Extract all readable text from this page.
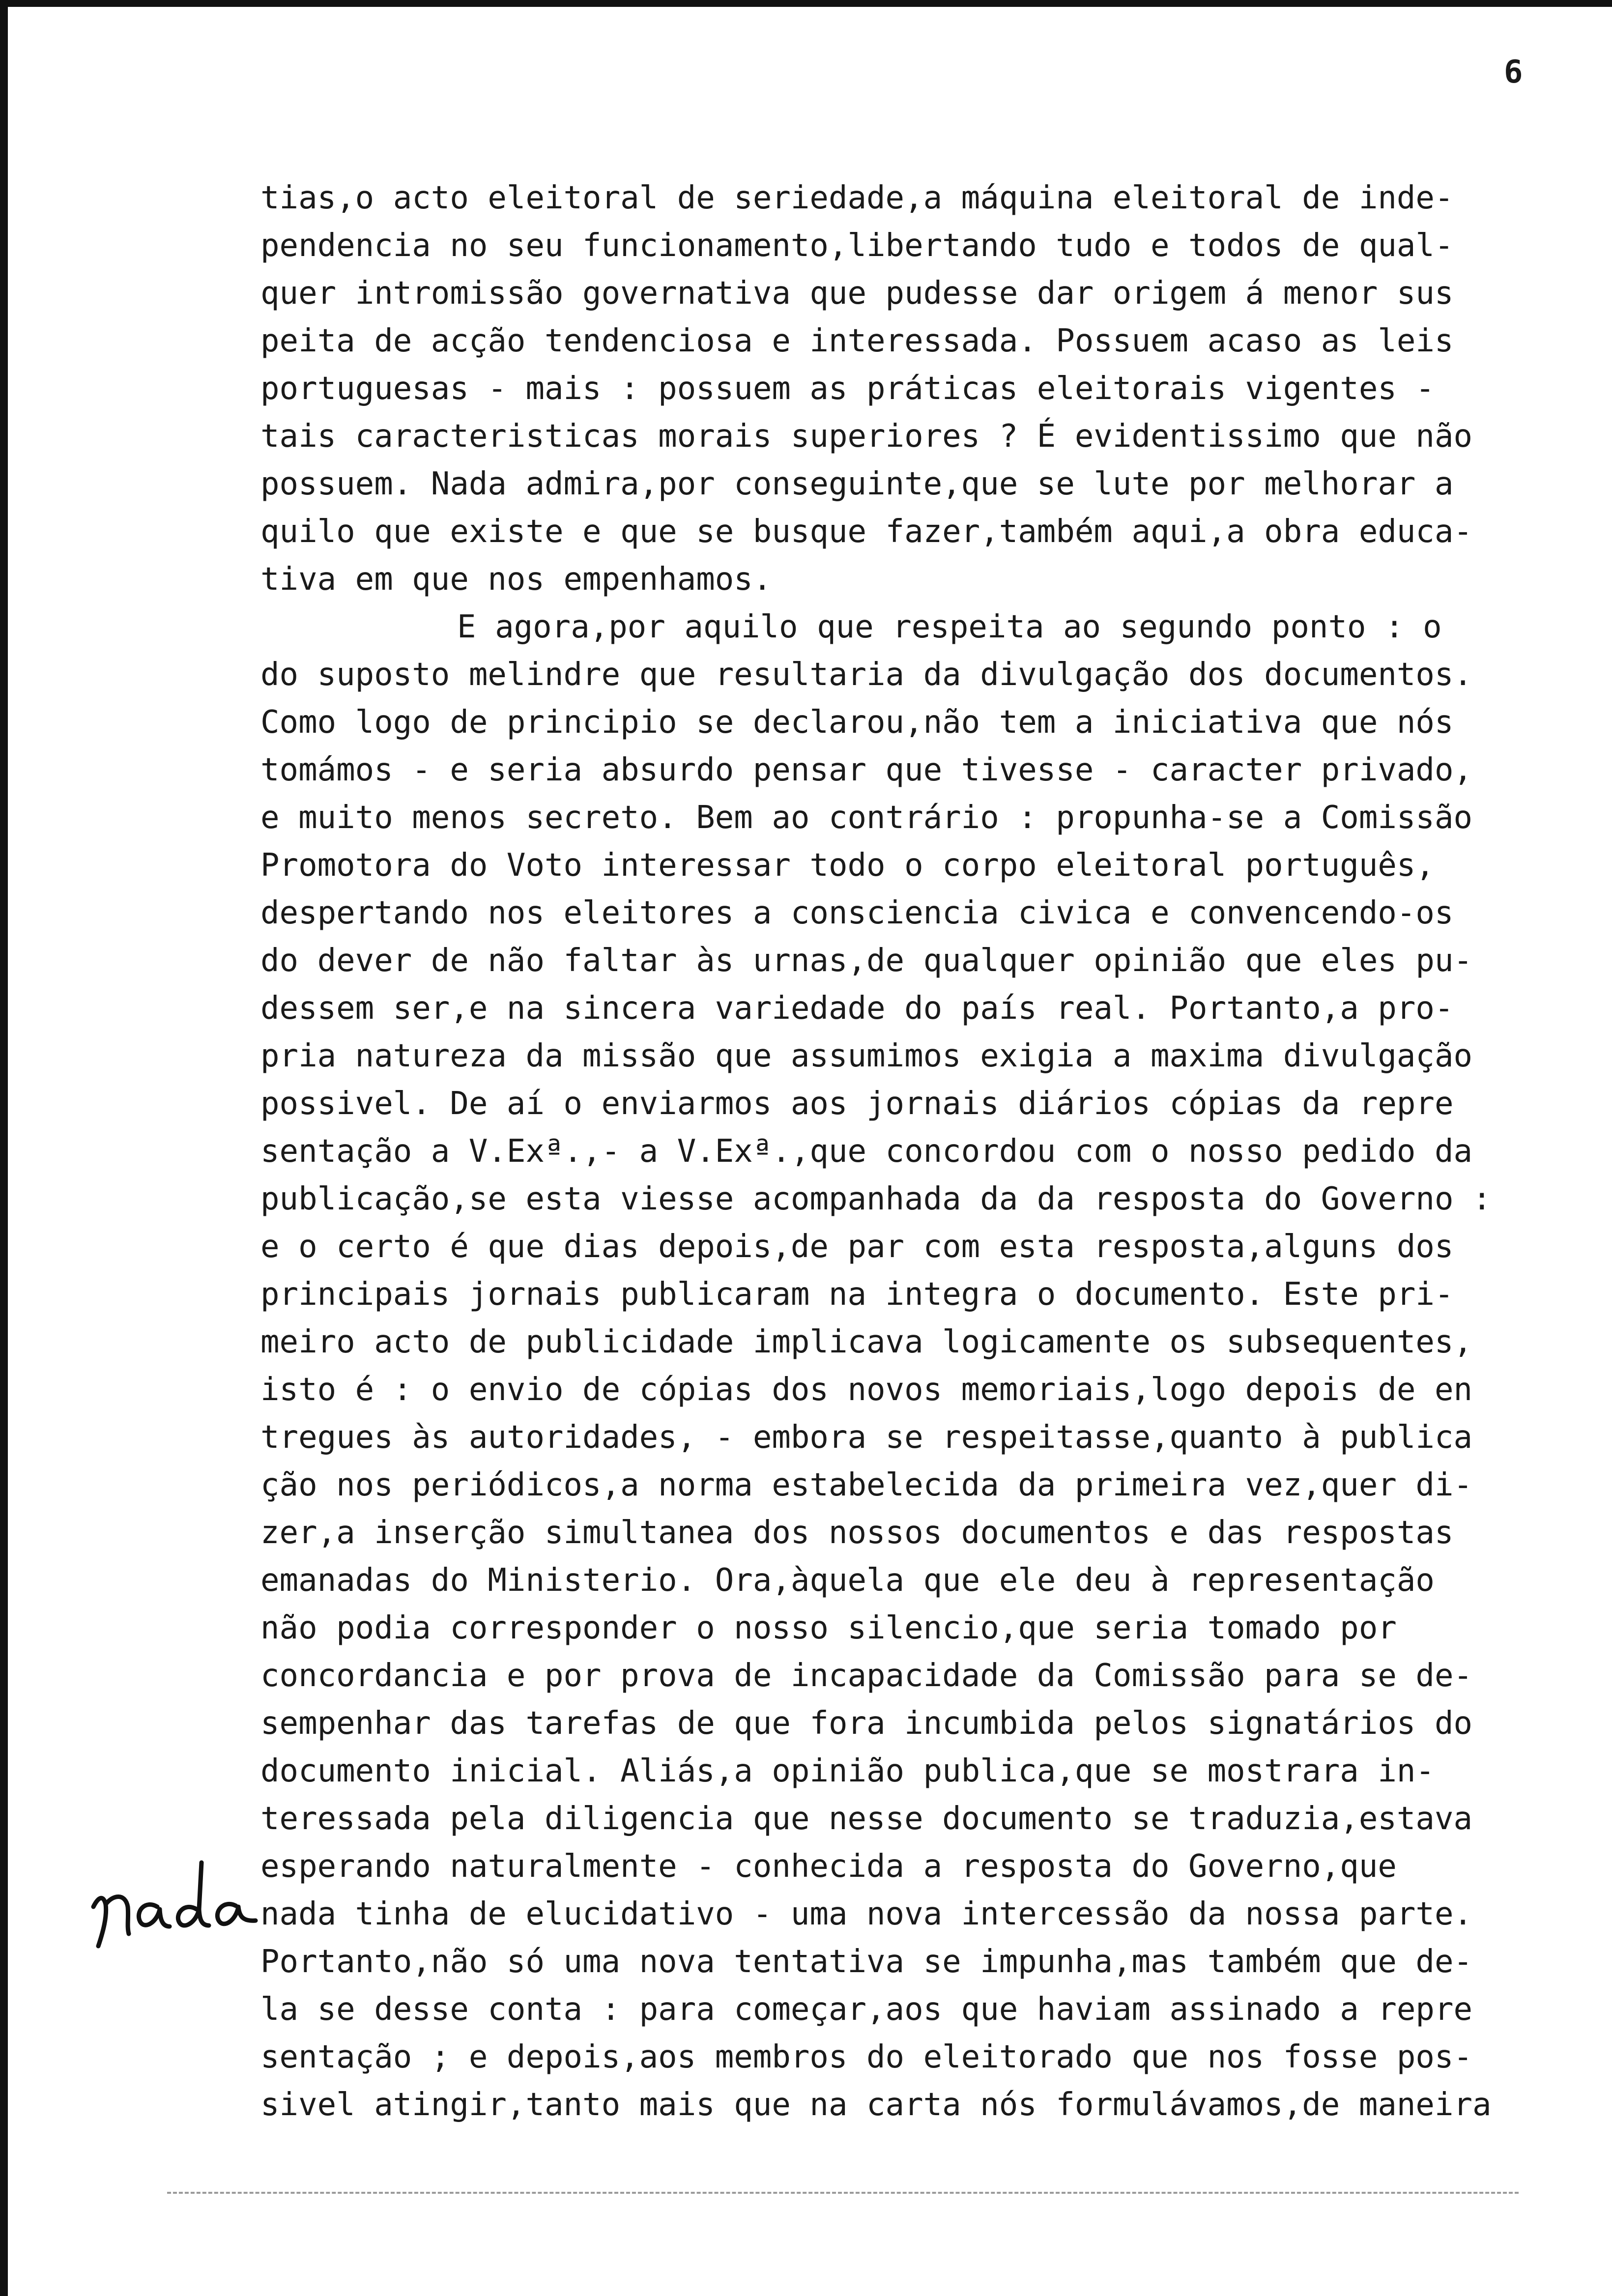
6
tias,o acto eleitoral de seriedade,a máquina eleitoral de inde-
pendencia no seu funcionamento,libertando tudo e todos de qual-
quer intromissão governativa que pudesse dar origem á menor sus
peita de acção tendenciosa e interessada. Possuem acaso as leis
portuguesas - mais : possuem as práticas eleitorais vigentes -
tais caracteristicas morais superiores ? É evidentissimo que não
possuem. Nada admira,por conseguinte,que se lute por melhorar a
quilo que existe e que se busque fazer,também aqui,a obra educa-
tiva em que nos empenhamos.
E agora,por aquilo que respeita ao segundo ponto : o
do suposto melindre que resultaria da divulgação dos documentos.
Como logo de principio se declarou,não tem a iniciativa que nós
tomámos - e seria absurdo pensar que tivesse - caracter privado,
e muito menos secreto. Bem ao contrário : propunha-se a Comissão
Promotora do Voto interessar todo o corpo eleitoral português,
despertando nos eleitores a consciencia civica e convencendo-os
do dever de não faltar às urnas,de qualquer opinião que eles pu-
dessem ser,e na sincera variedade do país real. Portanto,a pro-
pria natureza da missão que assumimos exigia a maxima divulgação
possivel. De aí o enviarmos aos jornais diários cópias da repre
sentação a V.Exª.,- a V.Exª.,que concordou com o nosso pedido da
publicação,se esta viesse acompanhada da da resposta do Governo :
e o certo é que dias depois,de par com esta resposta,alguns dos
principais jornais publicaram na integra o documento. Este pri-
meiro acto de publicidade implicava logicamente os subsequentes,
isto é : o envio de cópias dos novos memoriais,logo depois de en
tregues às autoridades, - embora se respeitasse,quanto à publica
ção nos periódicos,a norma estabelecida da primeira vez,quer di-
zer,a inserção simultanea dos nossos documentos e das respostas
emanadas do Ministerio. Ora,àquela que ele deu à representação
não podia corresponder o nosso silencio,que seria tomado por
concordancia e por prova de incapacidade da Comissão para se de-
sempenhar das tarefas de que fora incumbida pelos signatários do
documento inicial. Aliás,a opinião publica,que se mostrara in-
teressada pela diligencia que nesse documento se traduzia,estava
esperando naturalmente - conhecida a resposta do Governo,que
nada tinha de elucidativo - uma nova intercessão da nossa parte.
Portanto,não só uma nova tentativa se impunha,mas também que de-
la se desse conta : para começar,aos que haviam assinado a repre
sentação ; e depois,aos membros do eleitorado que nos fosse pos-
sivel atingir,tanto mais que na carta nós formulávamos,de maneira
